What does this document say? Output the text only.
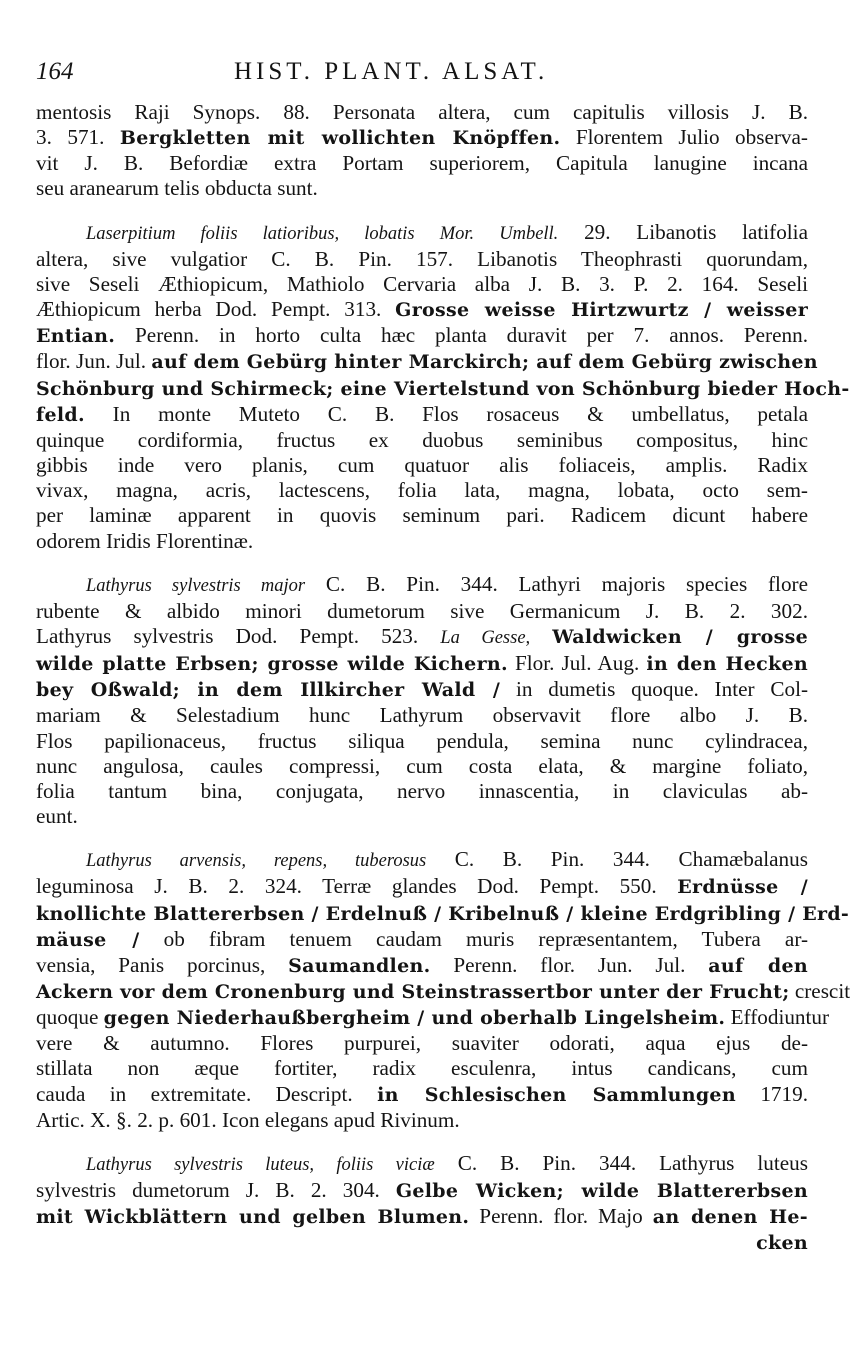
164	HIST. PLANT. ALSAT.
mentosis Raji Synops. 88. Personata altera, cum capitulis villosis J. B.
3. 571. Bergkletten mit wollichten Knöpffen. Florentem Julio observa-
vit J. B. Befordiæ extra Portam superiorem, Capitula lanugine incana
seu aranearum telis obducta sunt.
Laserpitium foliis latioribus, lobatis Mor. Umbell. 29. Libanotis latifolia
altera, sive vulgatior C. B. Pin. 157. Libanotis Theophrasti quorundam,
sive Seseli Æthiopicum, Mathiolo Cervaria alba J. B. 3. P. 2. 164. Seseli
Æthiopicum herba Dod. Pempt. 313. Grosse weisse Hirtzwurtz / weisser
Entian. Perenn. in horto culta hæc planta duravit per 7. annos. Perenn.
flor. Jun. Jul. auf dem Gebürg hinter Marckirch; auf dem Gebürg zwischen
Schönburg und Schirmeck; eine Viertelstund von Schönburg bieder Hoch-
feld. In monte Muteto C. B. Flos rosaceus & umbellatus, petala
quinque cordiformia, fructus ex duobus seminibus compositus, hinc
gibbis inde vero planis, cum quatuor alis foliaceis, amplis. Radix
vivax, magna, acris, lactescens, folia lata, magna, lobata, octo sem-
per laminæ apparent in quovis seminum pari. Radicem dicunt habere
odorem Iridis Florentinæ.
Lathyrus sylvestris major C. B. Pin. 344. Lathyri majoris species flore
rubente & albido minori dumetorum sive Germanicum J. B. 2. 302.
Lathyrus sylvestris Dod. Pempt. 523. La Gesse, Waldwicken / grosse
wilde platte Erbsen; grosse wilde Kichern. Flor. Jul. Aug. in den Hecken
bey Oßwald; in dem Illkircher Wald / in dumetis quoque. Inter Col-
mariam & Selestadium hunc Lathyrum observavit flore albo J. B.
Flos papilionaceus, fructus siliqua pendula, semina nunc cylindracea,
nunc angulosa, caules compressi, cum costa elata, & margine foliato,
folia tantum bina, conjugata, nervo innascentia, in claviculas ab-
eunt.
Lathyrus arvensis, repens, tuberosus C. B. Pin. 344. Chamæbalanus
leguminosa J. B. 2. 324. Terræ glandes Dod. Pempt. 550. Erdnüsse /
knollichte Blattererbsen / Erdelnuß / Kribelnuß / kleine Erdgribling / Erd-
mäuse / ob fibram tenuem caudam muris repræsentantem, Tubera ar-
vensia, Panis porcinus, Saumandlen. Perenn. flor. Jun. Jul. auf den
Ackern vor dem Cronenburg und Steinstrassertbor unter der Frucht; crescit
quoque gegen Niederhaußbergheim / und oberhalb Lingelsheim. Effodiuntur
vere & autumno. Flores purpurei, suaviter odorati, aqua ejus de-
stillata non æque fortiter, radix esculenra, intus candicans, cum
cauda in extremitate. Descript. in Schlesischen Sammlungen 1719.
Artic. X. §. 2. p. 601. Icon elegans apud Rivinum.
Lathyrus sylvestris luteus, foliis viciæ C. B. Pin. 344. Lathyrus luteus
sylvestris dumetorum J. B. 2. 304. Gelbe Wicken; wilde Blattererbsen
mit Wickblättern und gelben Blumen. Perenn. flor. Majo an denen He-
cken
